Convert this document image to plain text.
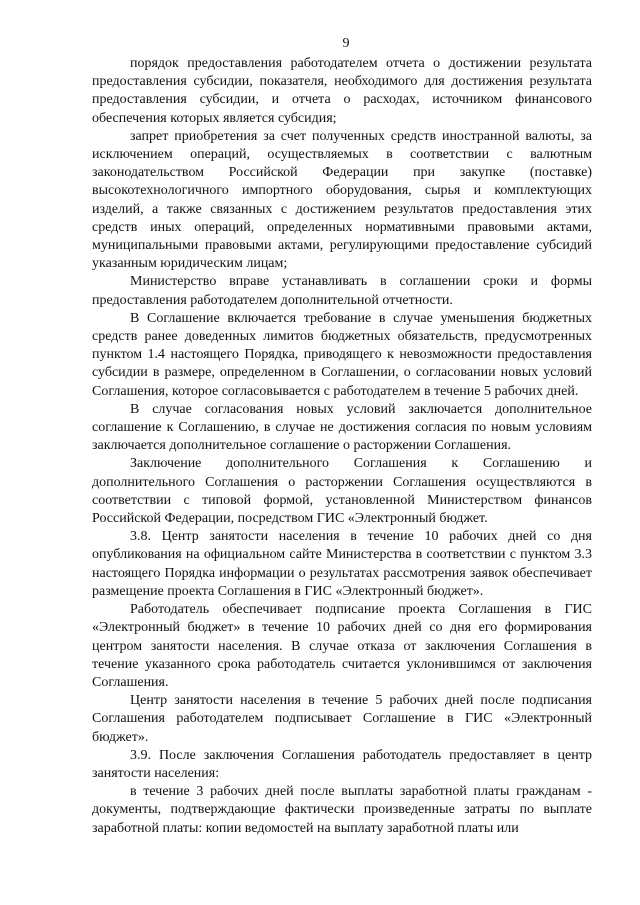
9

порядок предоставления работодателем отчета о достижении результата предоставления субсидии, показателя, необходимого для достижения результата предоставления субсидии, и отчета о расходах, источником финансового обеспечения которых является субсидия;

запрет приобретения за счет полученных средств иностранной валюты, за исключением операций, осуществляемых в соответствии с валютным законодательством Российской Федерации при закупке (поставке) высокотехнологичного импортного оборудования, сырья и комплектующих изделий, а также связанных с достижением результатов предоставления этих средств иных операций, определенных нормативными правовыми актами, муниципальными правовыми актами, регулирующими предоставление субсидий указанным юридическим лицам;

Министерство вправе устанавливать в соглашении сроки и формы предоставления работодателем дополнительной отчетности.

В Соглашение включается требование в случае уменьшения бюджетных средств ранее доведенных лимитов бюджетных обязательств, предусмотренных пунктом 1.4 настоящего Порядка, приводящего к невозможности предоставления субсидии в размере, определенном в Соглашении, о согласовании новых условий Соглашения, которое согласовывается с работодателем в течение 5 рабочих дней.

В случае согласования новых условий заключается дополнительное соглашение к Соглашению, в случае не достижения согласия по новым условиям заключается дополнительное соглашение о расторжении Соглашения.

Заключение дополнительного Соглашения к Соглашению и дополнительного Соглашения о расторжении Соглашения осуществляются в соответствии с типовой формой, установленной Министерством финансов Российской Федерации, посредством ГИС «Электронный бюджет.

3.8. Центр занятости населения в течение 10 рабочих дней со дня опубликования на официальном сайте Министерства в соответствии с пунктом 3.3 настоящего Порядка информации о результатах рассмотрения заявок обеспечивает размещение проекта Соглашения в ГИС «Электронный бюджет».

Работодатель обеспечивает подписание проекта Соглашения в ГИС «Электронный бюджет» в течение 10 рабочих дней со дня его формирования центром занятости населения. В случае отказа от заключения Соглашения в течение указанного срока работодатель считается уклонившимся от заключения Соглашения.

Центр занятости населения в течение 5 рабочих дней после подписания Соглашения работодателем подписывает Соглашение в ГИС «Электронный бюджет».

3.9. После заключения Соглашения работодатель предоставляет в центр занятости населения:

в течение 3 рабочих дней после выплаты заработной платы гражданам - документы, подтверждающие фактически произведенные затраты по выплате заработной платы: копии ведомостей на выплату заработной платы или
